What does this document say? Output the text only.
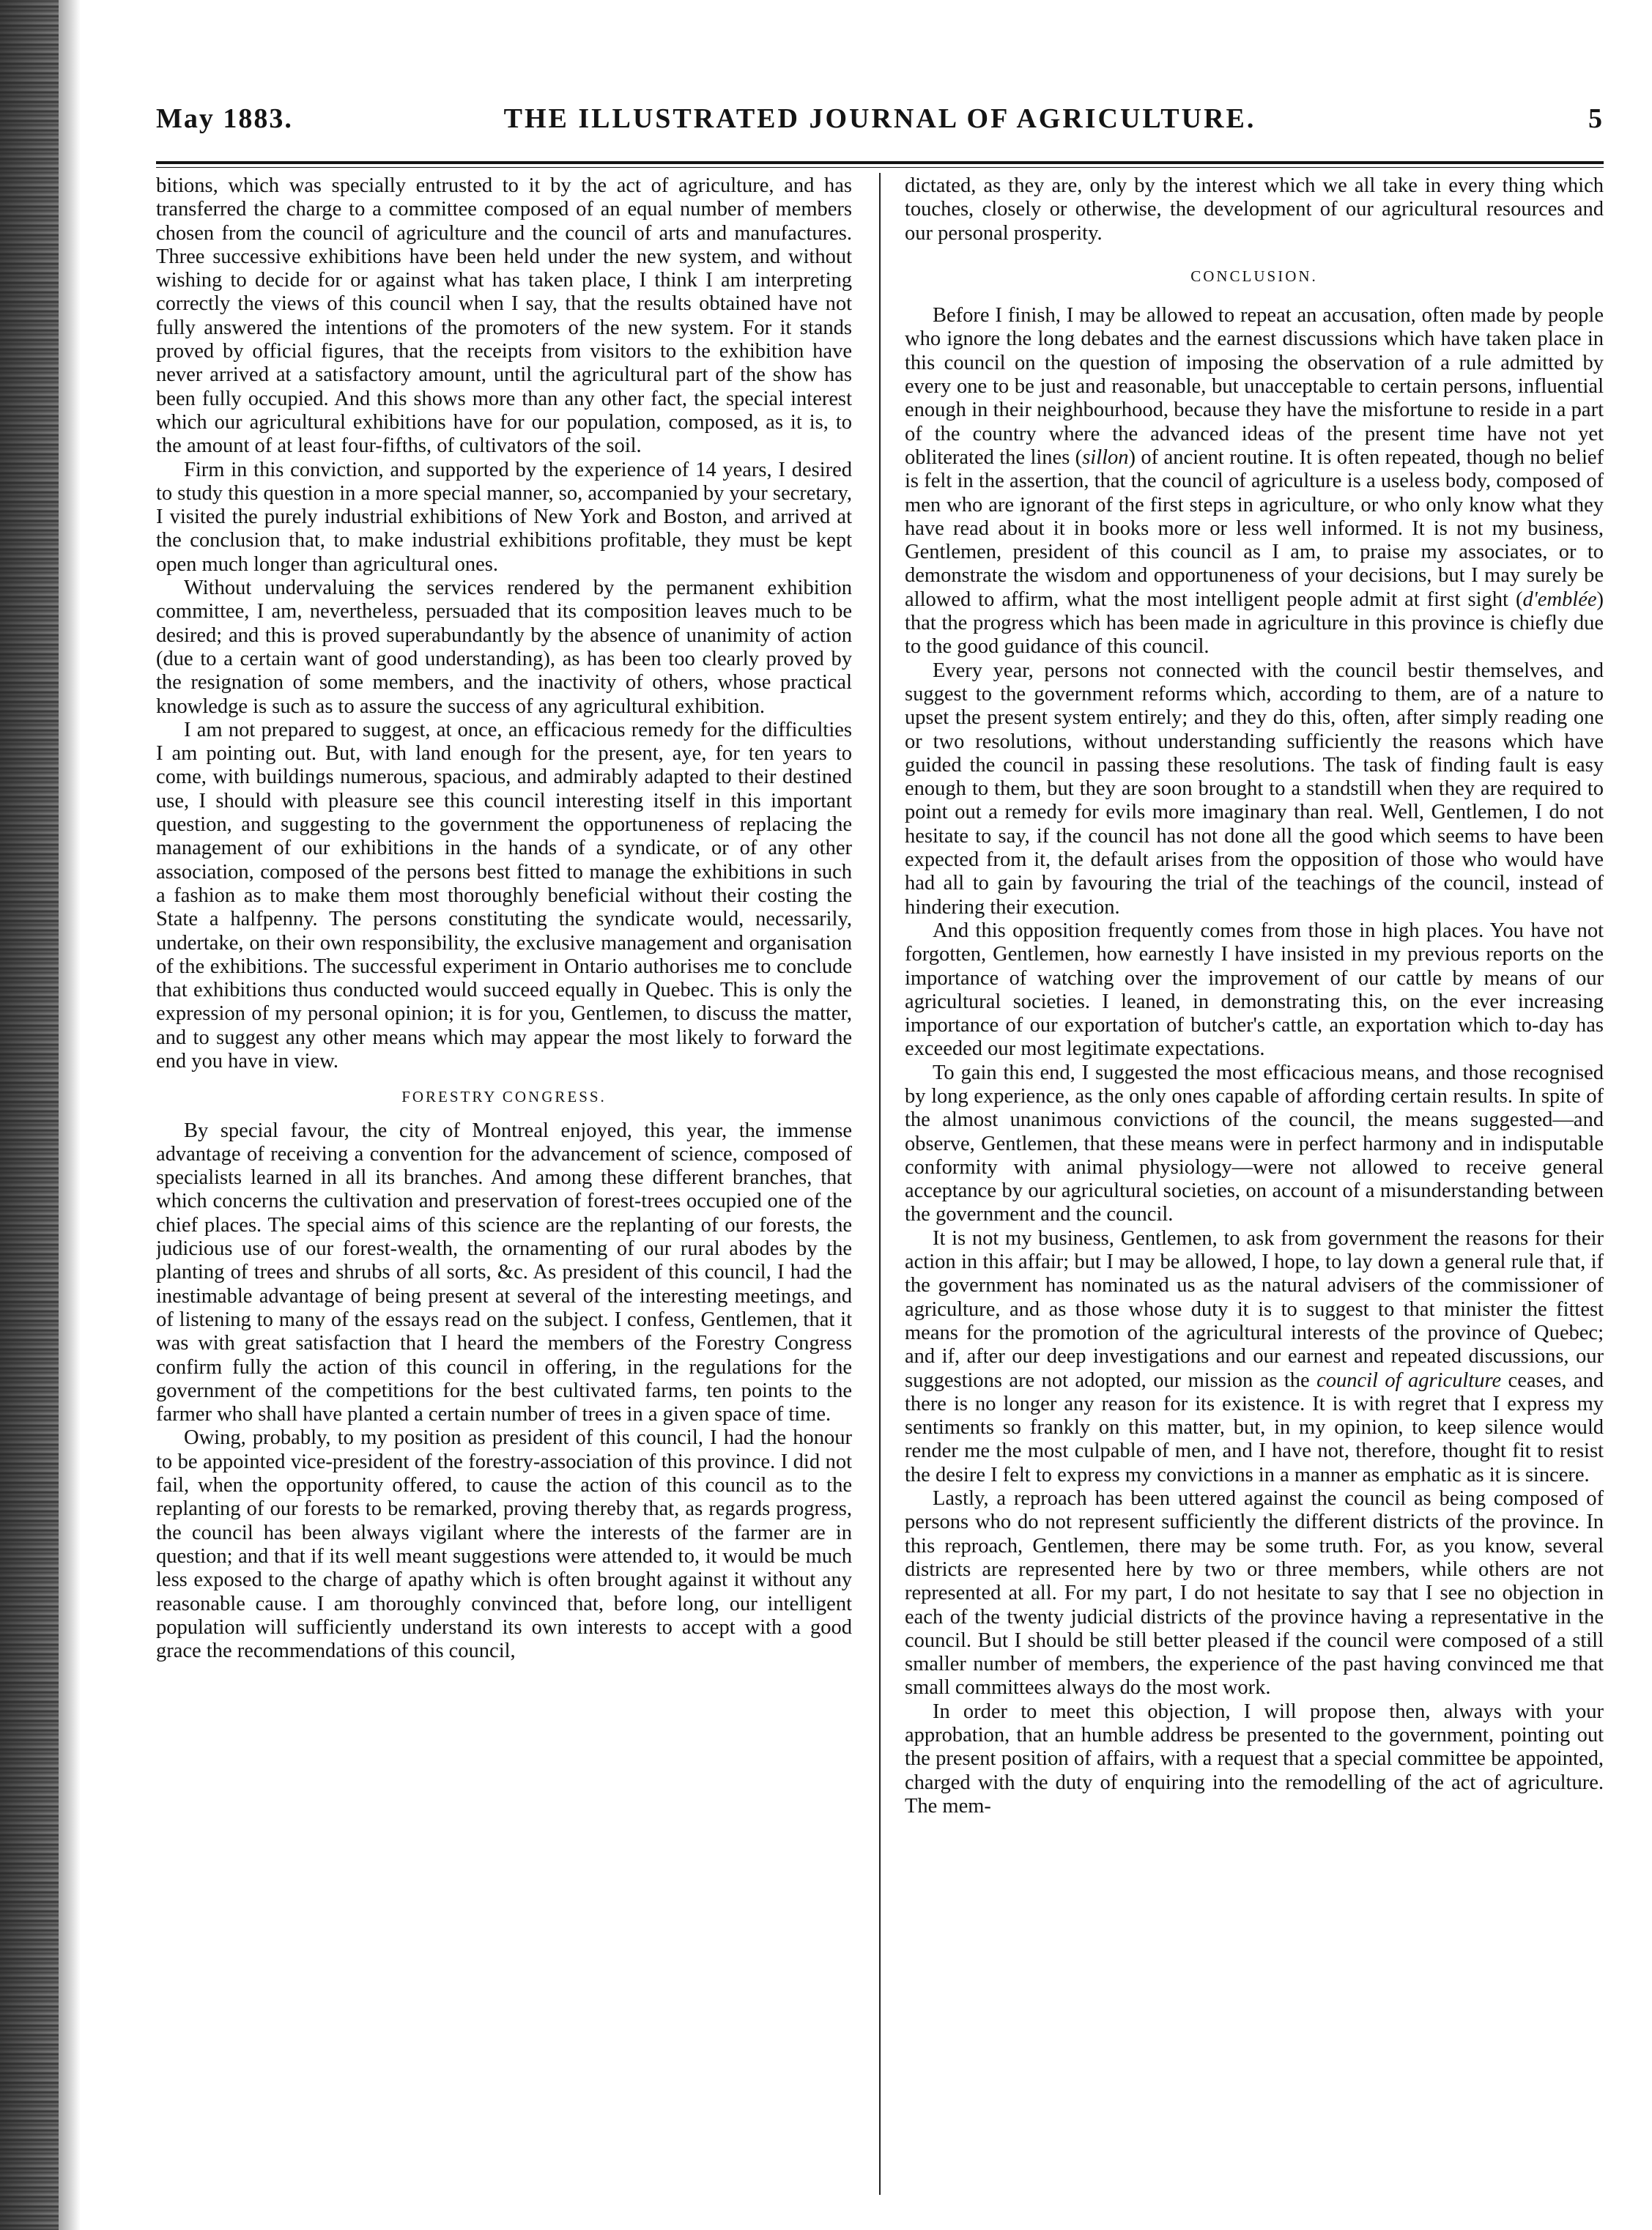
THE ILLUSTRATED JOURNAL OF AGRICULTURE.
May 1883.	5

bitions, which was specially entrusted to it by the act of agriculture, and has transferred the charge to a committee composed of an equal number of members chosen from the council of agriculture and the council of arts and manufactures. Three successive exhibitions have been held under the new system, and without wishing to decide for or against what has taken place, I think I am interpreting correctly the views of this council when I say, that the results obtained have not fully answered the intentions of the promoters of the new system. For it stands proved by official figures, that the receipts from visitors to the exhibition have never arrived at a satisfactory amount, until the agricultural part of the show has been fully occupied. And this shows more than any other fact, the special interest which our agricultural exhibitions have for our population, composed, as it is, to the amount of at least four-fifths, of cultivators of the soil.

Firm in this conviction, and supported by the experience of 14 years, I desired to study this question in a more special manner, so, accompanied by your secretary, I visited the purely industrial exhibitions of New York and Boston, and arrived at the conclusion that, to make industrial exhibitions profitable, they must be kept open much longer than agricultural ones.

Without undervaluing the services rendered by the permanent exhibition committee, I am, nevertheless, persuaded that its composition leaves much to be desired; and this is proved superabundantly by the absence of unanimity of action (due to a certain want of good understanding), as has been too clearly proved by the resignation of some members, and the inactivity of others, whose practical knowledge is such as to assure the success of any agricultural exhibition.

I am not prepared to suggest, at once, an efficacious remedy for the difficulties I am pointing out. But, with land enough for the present, aye, for ten years to come, with buildings numerous, spacious, and admirably adapted to their destined use, I should with pleasure see this council interesting itself in this important question, and suggesting to the government the opportuneness of replacing the management of our exhibitions in the hands of a syndicate, or of any other association, composed of the persons best fitted to manage the exhibitions in such a fashion as to make them most thoroughly beneficial without their costing the State a halfpenny. The persons constituting the syndicate would, necessarily, undertake, on their own responsibility, the exclusive management and organisation of the exhibitions. The successful experiment in Ontario authorises me to conclude that exhibitions thus conducted would succeed equally in Quebec. This is only the expression of my personal opinion; it is for you, Gentlemen, to discuss the matter, and to suggest any other means which may appear the most likely to forward the end you have in view.

FORESTRY CONGRESS.

By special favour, the city of Montreal enjoyed, this year, the immense advantage of receiving a convention for the advancement of science, composed of specialists learned in all its branches. And among these different branches, that which concerns the cultivation and preservation of forest-trees occupied one of the chief places. The special aims of this science are the replanting of our forests, the judicious use of our forest-wealth, the ornamenting of our rural abodes by the planting of trees and shrubs of all sorts, &c. As president of this council, I had the inestimable advantage of being present at several of the interesting meetings, and of listening to many of the essays read on the subject. I confess, Gentlemen, that it was with great satisfaction that I heard the members of the Forestry Congress confirm fully the action of this council in offering, in the regulations for the government of the competitions for the best cultivated farms, ten points to the farmer who shall have planted a certain number of trees in a given space of time.

Owing, probably, to my position as president of this council, I had the honour to be appointed vice-president of the forestry-association of this province. I did not fail, when the opportunity offered, to cause the action of this council as to the replanting of our forests to be remarked, proving thereby that, as regards progress, the council has been always vigilant where the interests of the farmer are in question; and that if its well meant suggestions were attended to, it would be much less exposed to the charge of apathy which is often brought against it without any reasonable cause. I am thoroughly convinced that, before long, our intelligent population will sufficiently understand its own interests to accept with a good grace the recommendations of this council,

dictated, as they are, only by the interest which we all take in every thing which touches, closely or otherwise, the development of our agricultural resources and our personal prosperity.

CONCLUSION.

Before I finish, I may be allowed to repeat an accusation, often made by people who ignore the long debates and the earnest discussions which have taken place in this council on the question of imposing the observation of a rule admitted by every one to be just and reasonable, but unacceptable to certain persons, influential enough in their neighbourhood, because they have the misfortune to reside in a part of the country where the advanced ideas of the present time have not yet obliterated the lines (sillon) of ancient routine. It is often repeated, though no belief is felt in the assertion, that the council of agriculture is a useless body, composed of men who are ignorant of the first steps in agriculture, or who only know what they have read about it in books more or less well informed. It is not my business, Gentlemen, president of this council as I am, to praise my associates, or to demonstrate the wisdom and opportuneness of your decisions, but I may surely be allowed to affirm, what the most intelligent people admit at first sight (d'emblée) that the progress which has been made in agriculture in this province is chiefly due to the good guidance of this council.

Every year, persons not connected with the council bestir themselves, and suggest to the government reforms which, according to them, are of a nature to upset the present system entirely; and they do this, often, after simply reading one or two resolutions, without understanding sufficiently the reasons which have guided the council in passing these resolutions. The task of finding fault is easy enough to them, but they are soon brought to a standstill when they are required to point out a remedy for evils more imaginary than real. Well, Gentlemen, I do not hesitate to say, if the council has not done all the good which seems to have been expected from it, the default arises from the opposition of those who would have had all to gain by favouring the trial of the teachings of the council, instead of hindering their execution.

And this opposition frequently comes from those in high places. You have not forgotten, Gentlemen, how earnestly I have insisted in my previous reports on the importance of watching over the improvement of our cattle by means of our agricultural societies. I leaned, in demonstrating this, on the ever increasing importance of our exportation of butcher's cattle, an exportation which to-day has exceeded our most legitimate expectations.

To gain this end, I suggested the most efficacious means, and those recognised by long experience, as the only ones capable of affording certain results. In spite of the almost unanimous convictions of the council, the means suggested—and observe, Gentlemen, that these means were in perfect harmony and in indisputable conformity with animal physiology—were not allowed to receive general acceptance by our agricultural societies, on account of a misunderstanding between the government and the council.

It is not my business, Gentlemen, to ask from government the reasons for their action in this affair; but I may be allowed, I hope, to lay down a general rule that, if the government has nominated us as the natural advisers of the commissioner of agriculture, and as those whose duty it is to suggest to that minister the fittest means for the promotion of the agricultural interests of the province of Quebec; and if, after our deep investigations and our earnest and repeated discussions, our suggestions are not adopted, our mission as the council of agriculture ceases, and there is no longer any reason for its existence. It is with regret that I express my sentiments so frankly on this matter, but, in my opinion, to keep silence would render me the most culpable of men, and I have not, therefore, thought fit to resist the desire I felt to express my convictions in a manner as emphatic as it is sincere.

Lastly, a reproach has been uttered against the council as being composed of persons who do not represent sufficiently the different districts of the province. In this reproach, Gentlemen, there may be some truth. For, as you know, several districts are represented here by two or three members, while others are not represented at all. For my part, I do not hesitate to say that I see no objection in each of the twenty judicial districts of the province having a representative in the council. But I should be still better pleased if the council were composed of a still smaller number of members, the experience of the past having convinced me that small committees always do the most work.

In order to meet this objection, I will propose then, always with your approbation, that an humble address be presented to the government, pointing out the present position of affairs, with a request that a special committee be appointed, charged with the duty of enquiring into the remodelling of the act of agriculture. The mem-
